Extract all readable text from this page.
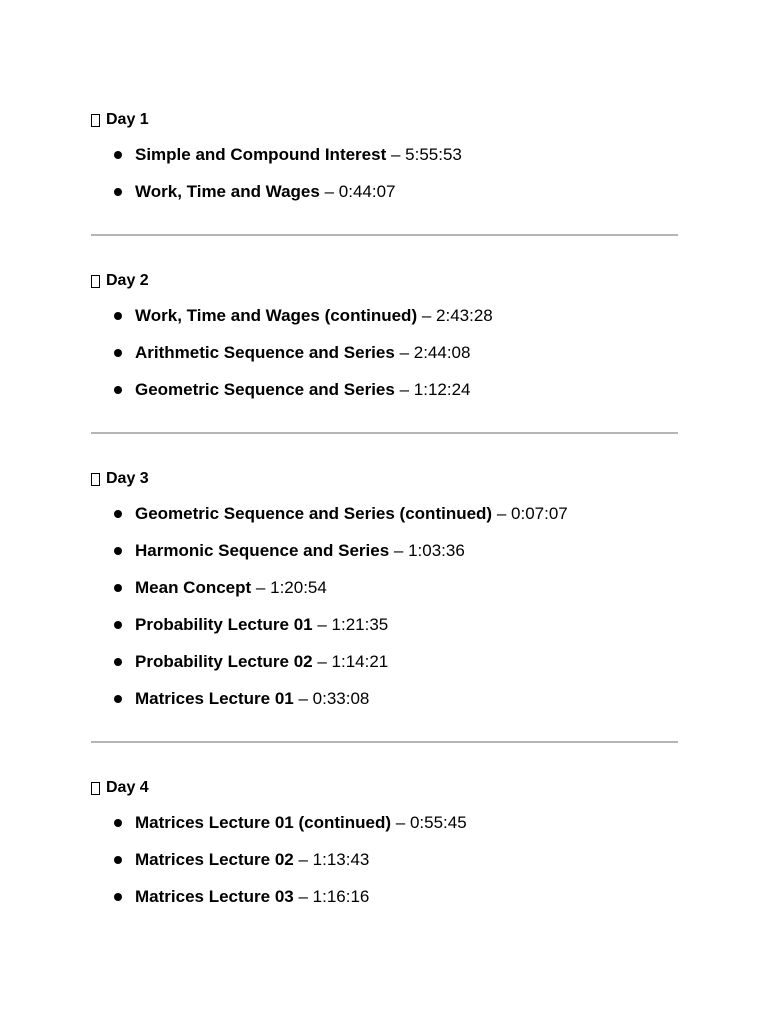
Day 1
Simple and Compound Interest – 5:55:53
Work, Time and Wages – 0:44:07
Day 2
Work, Time and Wages (continued) – 2:43:28
Arithmetic Sequence and Series – 2:44:08
Geometric Sequence and Series – 1:12:24
Day 3
Geometric Sequence and Series (continued) – 0:07:07
Harmonic Sequence and Series – 1:03:36
Mean Concept – 1:20:54
Probability Lecture 01 – 1:21:35
Probability Lecture 02 – 1:14:21
Matrices Lecture 01 – 0:33:08
Day 4
Matrices Lecture 01 (continued) – 0:55:45
Matrices Lecture 02 – 1:13:43
Matrices Lecture 03 – 1:16:16
